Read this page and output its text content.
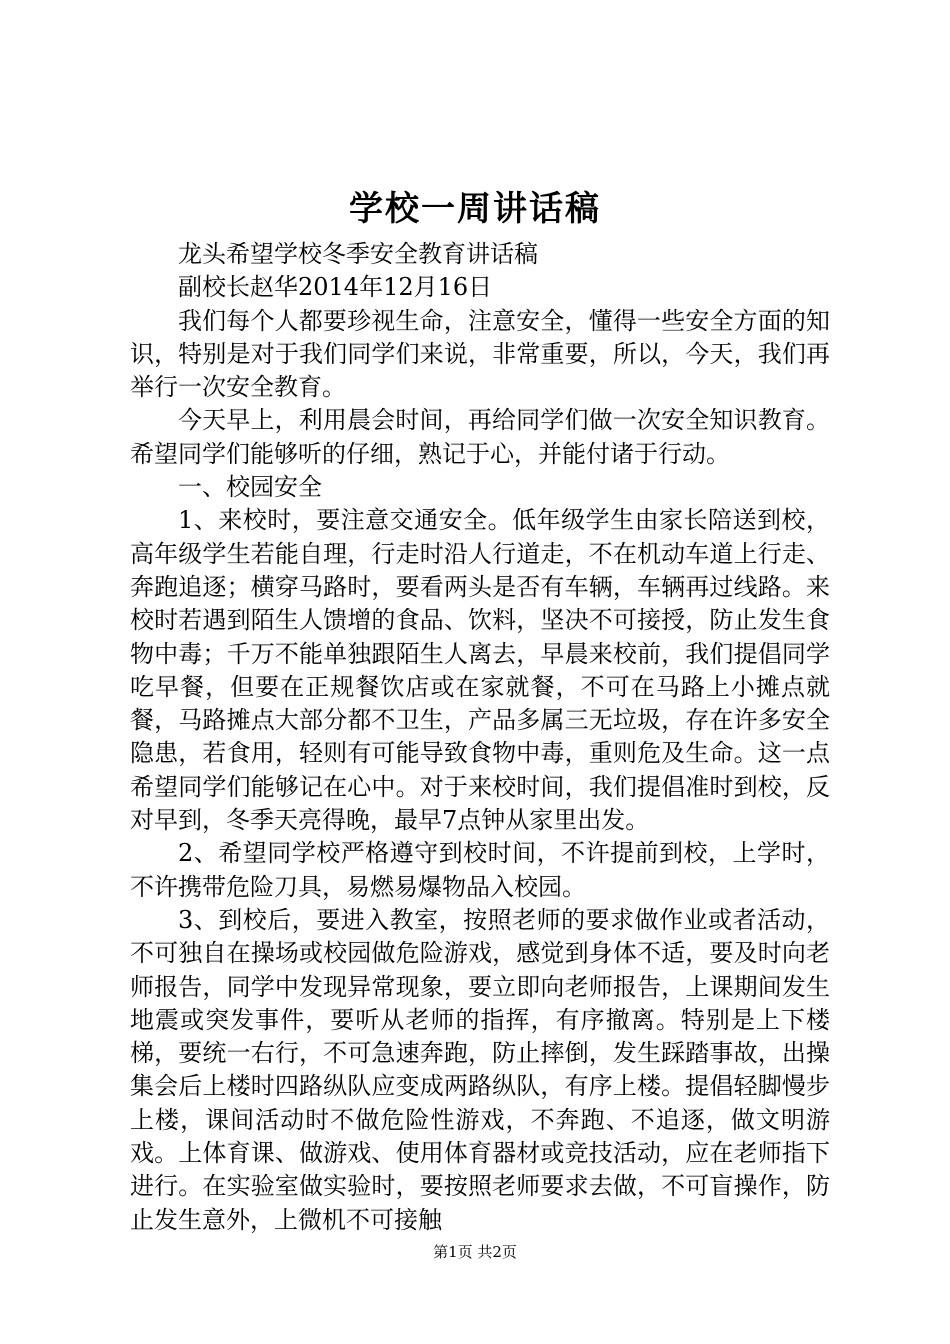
学校一周讲话稿

龙头希望学校冬季安全教育讲话稿

副校长赵华2014年12月16日

我们每个人都要珍视生命，注意安全，懂得一些安全方面的知识，特别是对于我们同学们来说，非常重要，所以，今天，我们再举行一次安全教育。

今天早上，利用晨会时间，再给同学们做一次安全知识教育。希望同学们能够听的仔细，熟记于心，并能付诸于行动。

一、校园安全

1、来校时，要注意交通安全。低年级学生由家长陪送到校，高年级学生若能自理，行走时沿人行道走，不在机动车道上行走、奔跑追逐；横穿马路时，要看两头是否有车辆，车辆再过线路。来校时若遇到陌生人馈增的食品、饮料，坚决不可接授，防止发生食物中毒；千万不能单独跟陌生人离去，早晨来校前，我们提倡同学吃早餐，但要在正规餐饮店或在家就餐，不可在马路上小摊点就餐，马路摊点大部分都不卫生，产品多属三无垃圾，存在许多安全隐患，若食用，轻则有可能导致食物中毒，重则危及生命。这一点希望同学们能够记在心中。对于来校时间，我们提倡准时到校，反对早到，冬季天亮得晚，最早7点钟从家里出发。

2、希望同学校严格遵守到校时间，不许提前到校，上学时，不许携带危险刀具，易燃易爆物品入校园。

3、到校后，要进入教室，按照老师的要求做作业或者活动，不可独自在操场或校园做危险游戏，感觉到身体不适，要及时向老师报告，同学中发现异常现象，要立即向老师报告，上课期间发生地震或突发事件，要听从老师的指挥，有序撤离。特别是上下楼梯，要统一右行，不可急速奔跑，防止摔倒，发生踩踏事故，出操集会后上楼时四路纵队应变成两路纵队，有序上楼。提倡轻脚慢步上楼，课间活动时不做危险性游戏，不奔跑、不追逐，做文明游戏。上体育课、做游戏、使用体育器材或竞技活动，应在老师指下进行。在实验室做实验时，要按照老师要求去做，不可盲操作，防止发生意外，上微机不可接触

第1页 共2页
